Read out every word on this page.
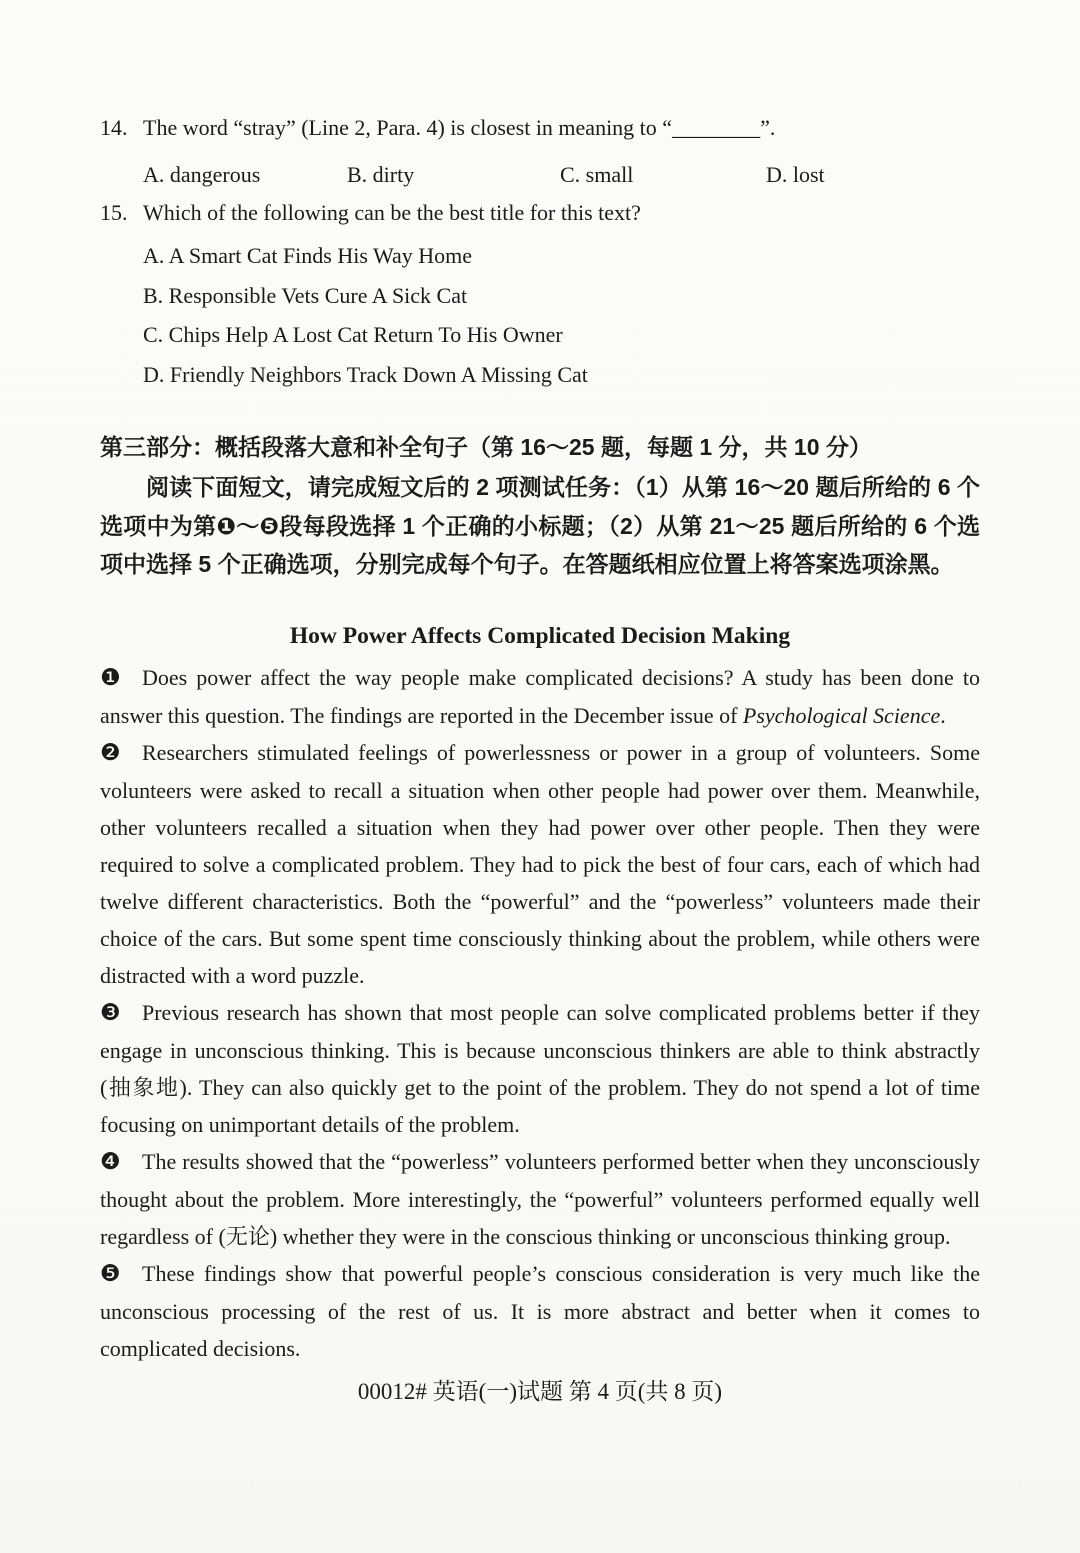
14. The word “stray” (Line 2, Para. 4) is closest in meaning to “________”.
A. dangerous	B. dirty	C. small	D. lost
15. Which of the following can be the best title for this text?
A. A Smart Cat Finds His Way Home
B. Responsible Vets Cure A Sick Cat
C. Chips Help A Lost Cat Return To His Owner
D. Friendly Neighbors Track Down A Missing Cat
第三部分：概括段落大意和补全句子（第 16～25 题，每题 1 分，共 10 分）
阅读下面短文，请完成短文后的 2 项测试任务：（1）从第 16～20 题后所给的 6 个选项中为第❶～❺段每段选择 1 个正确的小标题；（2）从第 21～25 题后所给的 6 个选项中选择 5 个正确选项，分别完成每个句子。在答题纸相应位置上将答案选项涂黑。
How Power Affects Complicated Decision Making

❶ Does power affect the way people make complicated decisions? A study has been done to answer this question. The findings are reported in the December issue of Psychological Science.

❷ Researchers stimulated feelings of powerlessness or power in a group of volunteers. Some volunteers were asked to recall a situation when other people had power over them. Meanwhile, other volunteers recalled a situation when they had power over other people. Then they were required to solve a complicated problem. They had to pick the best of four cars, each of which had twelve different characteristics. Both the “powerful” and the “powerless” volunteers made their choice of the cars. But some spent time consciously thinking about the problem, while others were distracted with a word puzzle.

❸ Previous research has shown that most people can solve complicated problems better if they engage in unconscious thinking. This is because unconscious thinkers are able to think abstractly (抽象地). They can also quickly get to the point of the problem. They do not spend a lot of time focusing on unimportant details of the problem.

❹ The results showed that the “powerless” volunteers performed better when they unconsciously thought about the problem. More interestingly, the “powerful” volunteers performed equally well regardless of (无论) whether they were in the conscious thinking or unconscious thinking group.

❺ These findings show that powerful people’s conscious consideration is very much like the unconscious processing of the rest of us. It is more abstract and better when it comes to complicated decisions.

00012# 英语(一)试题 第 4 页(共 8 页)
